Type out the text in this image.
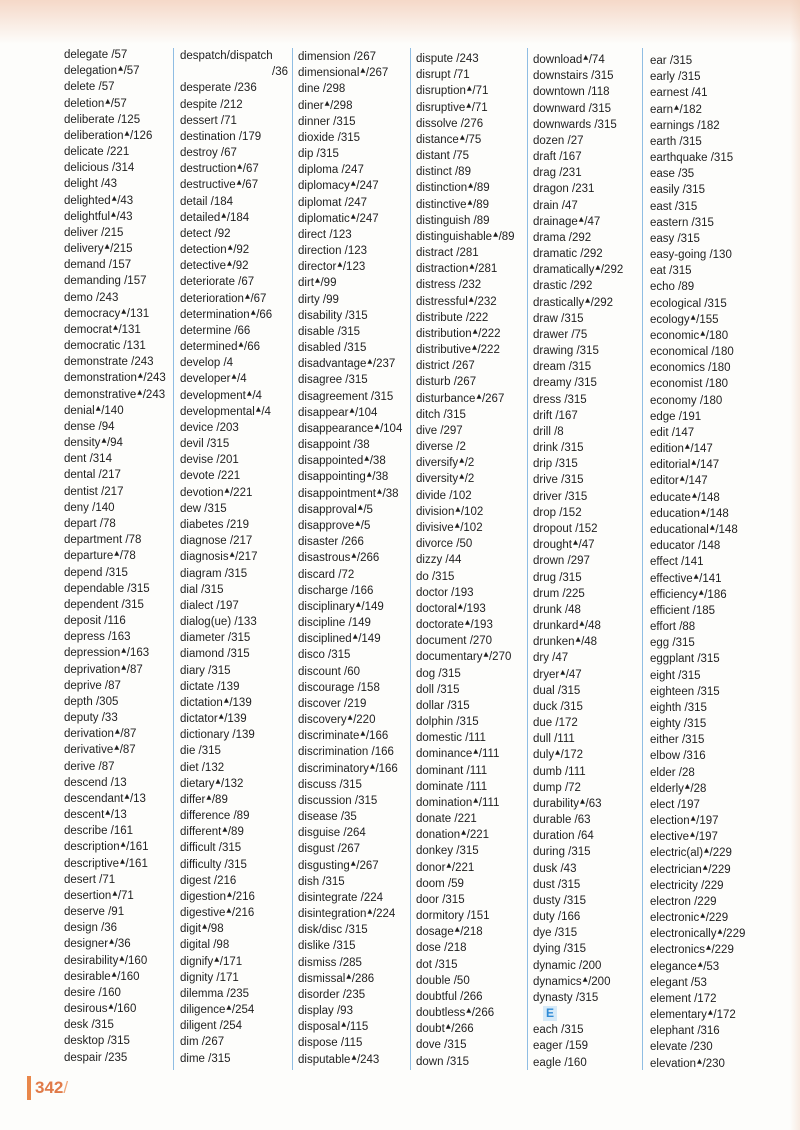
delegate /57
delegation▲/57
delete /57
deletion▲/57
deliberate /125
deliberation▲/126
delicate /221
delicious /314
delight /43
delighted▲/43
delightful▲/43
deliver /215
delivery▲/215
demand /157
demanding /157
demo /243
democracy▲/131
democrat▲/131
democratic /131
demonstrate /243
demonstration▲/243
demonstrative▲/243
denial▲/140
dense /94
density▲/94
dent /314
dental /217
dentist /217
deny /140
depart /78
department /78
departure▲/78
depend /315
dependable /315
dependent /315
deposit /116
depress /163
depression▲/163
deprivation▲/87
deprive /87
depth /305
deputy /33
derivation▲/87
derivative▲/87
derive /87
descend /13
descendant▲/13
descent▲/13
describe /161
description▲/161
descriptive▲/161
desert /71
desertion▲/71
deserve /91
design /36
designer▲/36
desirability▲/160
desirable▲/160
desire /160
desirous▲/160
desk /315
desktop /315
despair /235
despatch/dispatch
/36
desperate /236
despite /212
dessert /71
destination /179
destroy /67
destruction▲/67
destructive▲/67
detail /184
detailed▲/184
detect /92
detection▲/92
detective▲/92
deteriorate /67
deterioration▲/67
determination▲/66
determine /66
determined▲/66
develop /4
developer▲/4
development▲/4
developmental▲/4
device /203
devil /315
devise /201
devote /221
devotion▲/221
dew /315
diabetes /219
diagnose /217
diagnosis▲/217
diagram /315
dial /315
dialect /197
dialog(ue) /133
diameter /315
diamond /315
diary /315
dictate /139
dictation▲/139
dictator▲/139
dictionary /139
die /315
diet /132
dietary▲/132
differ▲/89
difference /89
different▲/89
difficult /315
difficulty /315
digest /216
digestion▲/216
digestive▲/216
digit▲/98
digital /98
dignify▲/171
dignity /171
dilemma /235
diligence▲/254
diligent /254
dim /267
dime /315
dimension /267
dimensional▲/267
dine /298
diner▲/298
dinner /315
dioxide /315
dip /315
diploma /247
diplomacy▲/247
diplomat /247
diplomatic▲/247
direct /123
direction /123
director▲/123
dirt▲/99
dirty /99
disability /315
disable /315
disabled /315
disadvantage▲/237
disagree /315
disagreement /315
disappear▲/104
disappearance▲/104
disappoint /38
disappointed▲/38
disappointing▲/38
disappointment▲/38
disapproval▲/5
disapprove▲/5
disaster /266
disastrous▲/266
discard /72
discharge /166
disciplinary▲/149
discipline /149
disciplined▲/149
disco /315
discount /60
discourage /158
discover /219
discovery▲/220
discriminate▲/166
discrimination /166
discriminatory▲/166
discuss /315
discussion /315
disease /35
disguise /264
disgust /267
disgusting▲/267
dish /315
disintegrate /224
disintegration▲/224
disk/disc /315
dislike /315
dismiss /285
dismissal▲/286
disorder /235
display /93
disposal▲/115
dispose /115
disputable▲/243
dispute /243
disrupt /71
disruption▲/71
disruptive▲/71
dissolve /276
distance▲/75
distant /75
distinct /89
distinction▲/89
distinctive▲/89
distinguish /89
distinguishable▲/89
distract /281
distraction▲/281
distress /232
distressful▲/232
distribute /222
distribution▲/222
distributive▲/222
district /267
disturb /267
disturbance▲/267
ditch /315
dive /297
diverse /2
diversify▲/2
diversity▲/2
divide /102
division▲/102
divisive▲/102
divorce /50
dizzy /44
do /315
doctor /193
doctoral▲/193
doctorate▲/193
document /270
documentary▲/270
dog /315
doll /315
dollar /315
dolphin /315
domestic /111
dominance▲/111
dominant /111
dominate /111
domination▲/111
donate /221
donation▲/221
donkey /315
donor▲/221
doom /59
door /315
dormitory /151
dosage▲/218
dose /218
dot /315
double /50
doubtful /266
doubtless▲/266
doubt▲/266
dove /315
down /315
download▲/74
downstairs /315
downtown /118
downward /315
downwards /315
dozen /27
draft /167
drag /231
dragon /231
drain /47
drainage▲/47
drama /292
dramatic /292
dramatically▲/292
drastic /292
drastically▲/292
draw /315
drawer /75
drawing /315
dream /315
dreamy /315
dress /315
drift /167
drill /8
drink /315
drip /315
drive /315
driver /315
drop /152
dropout /152
drought▲/47
drown /297
drug /315
drum /225
drunk /48
drunkard▲/48
drunken▲/48
dry /47
dryer▲/47
dual /315
duck /315
due /172
dull /111
duly▲/172
dumb /111
dump /72
durability▲/63
durable /63
duration /64
during /315
dusk /43
dust /315
dusty /315
duty /166
dye /315
dying /315
dynamic /200
dynamics▲/200
dynasty /315
E
each /315
eager /159
eagle /160
ear /315
early /315
earnest /41
earn▲/182
earnings /182
earth /315
earthquake /315
ease /35
easily /315
east /315
eastern /315
easy /315
easy-going /130
eat /315
echo /89
ecological /315
ecology▲/155
economic▲/180
economical /180
economics /180
economist /180
economy /180
edge /191
edit /147
edition▲/147
editorial▲/147
editor▲/147
educate▲/148
education▲/148
educational▲/148
educator /148
effect /141
effective▲/141
efficiency▲/186
efficient /185
effort /88
egg /315
eggplant /315
eight /315
eighteen /315
eighth /315
eighty /315
either /315
elbow /316
elder /28
elderly▲/28
elect /197
election▲/197
elective▲/197
electric(al)▲/229
electrician▲/229
electricity /229
electron /229
electronic▲/229
electronically▲/229
electronics▲/229
elegance▲/53
elegant /53
element /172
elementary▲/172
elephant /316
elevate /230
elevation▲/230
342 /
